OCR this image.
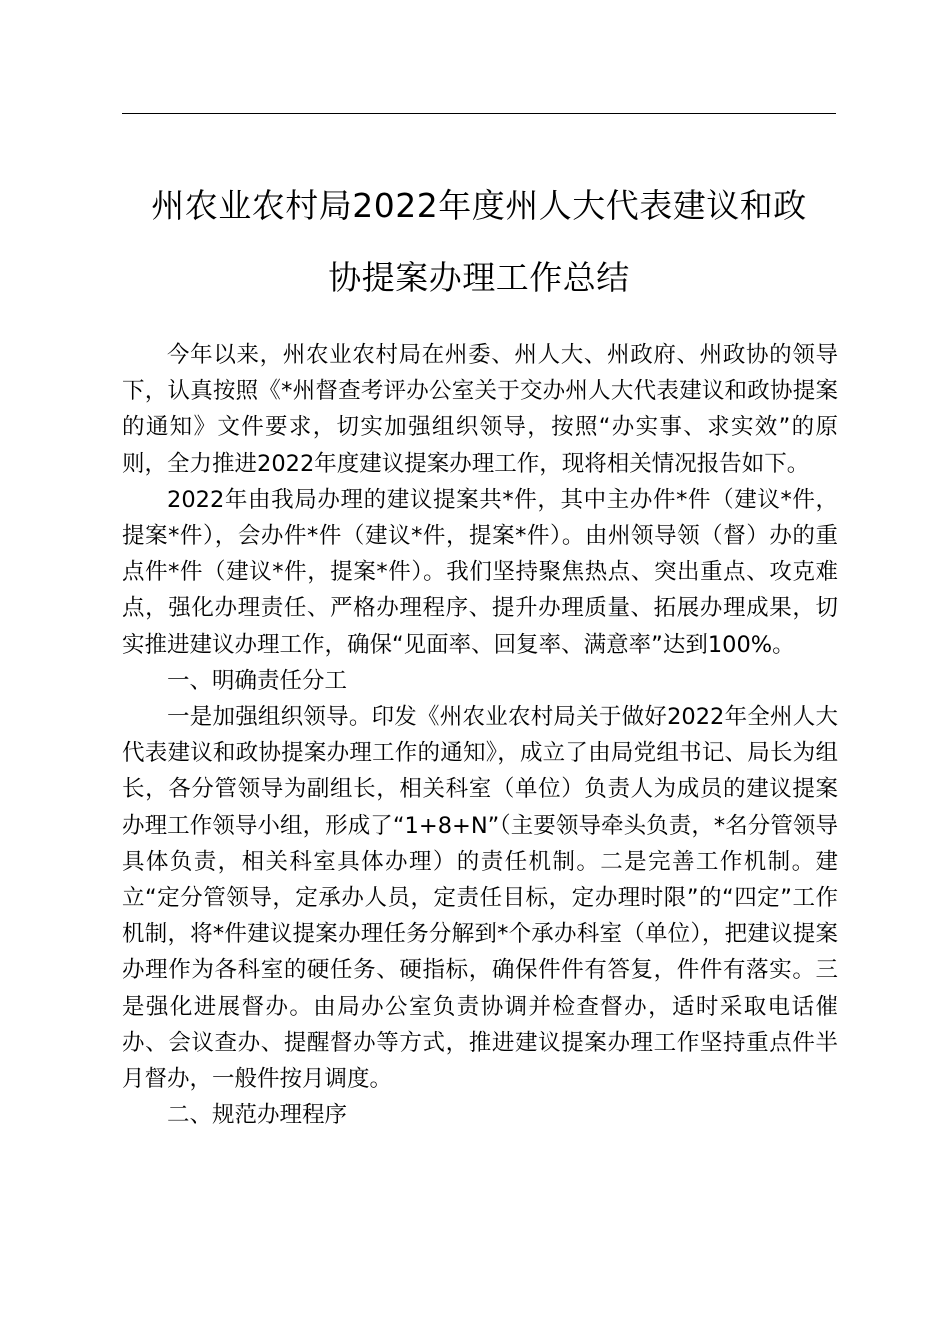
州农业农村局2022年度州人大代表建议和政
协提案办理工作总结

今年以来，州农业农村局在州委、州人大、州政府、州政协的领导下，认真按照《*州督查考评办公室关于交办州人大代表建议和政协提案的通知》文件要求，切实加强组织领导，按照“办实事、求实效”的原则，全力推进2022年度建议提案办理工作，现将相关情况报告如下。

2022年由我局办理的建议提案共*件，其中主办件*件（建议*件，提案*件），会办件*件（建议*件，提案*件）。由州领导领（督）办的重点件*件（建议*件，提案*件）。我们坚持聚焦热点、突出重点、攻克难点，强化办理责任、严格办理程序、提升办理质量、拓展办理成果，切实推进建议办理工作，确保“见面率、回复率、满意率”达到100%。

一、明确责任分工

一是加强组织领导。印发《州农业农村局关于做好2022年全州人大代表建议和政协提案办理工作的通知》，成立了由局党组书记、局长为组长，各分管领导为副组长，相关科室（单位）负责人为成员的建议提案办理工作领导小组，形成了“1+8+N”（主要领导牵头负责，*名分管领导具体负责，相关科室具体办理）的责任机制。二是完善工作机制。建立“定分管领导，定承办人员，定责任目标，定办理时限”的“四定”工作机制，将*件建议提案办理任务分解到*个承办科室（单位），把建议提案办理作为各科室的硬任务、硬指标，确保件件有答复，件件有落实。三是强化进展督办。由局办公室负责协调并检查督办，适时采取电话催办、会议查办、提醒督办等方式，推进建议提案办理工作坚持重点件半月督办，一般件按月调度。

二、规范办理程序
